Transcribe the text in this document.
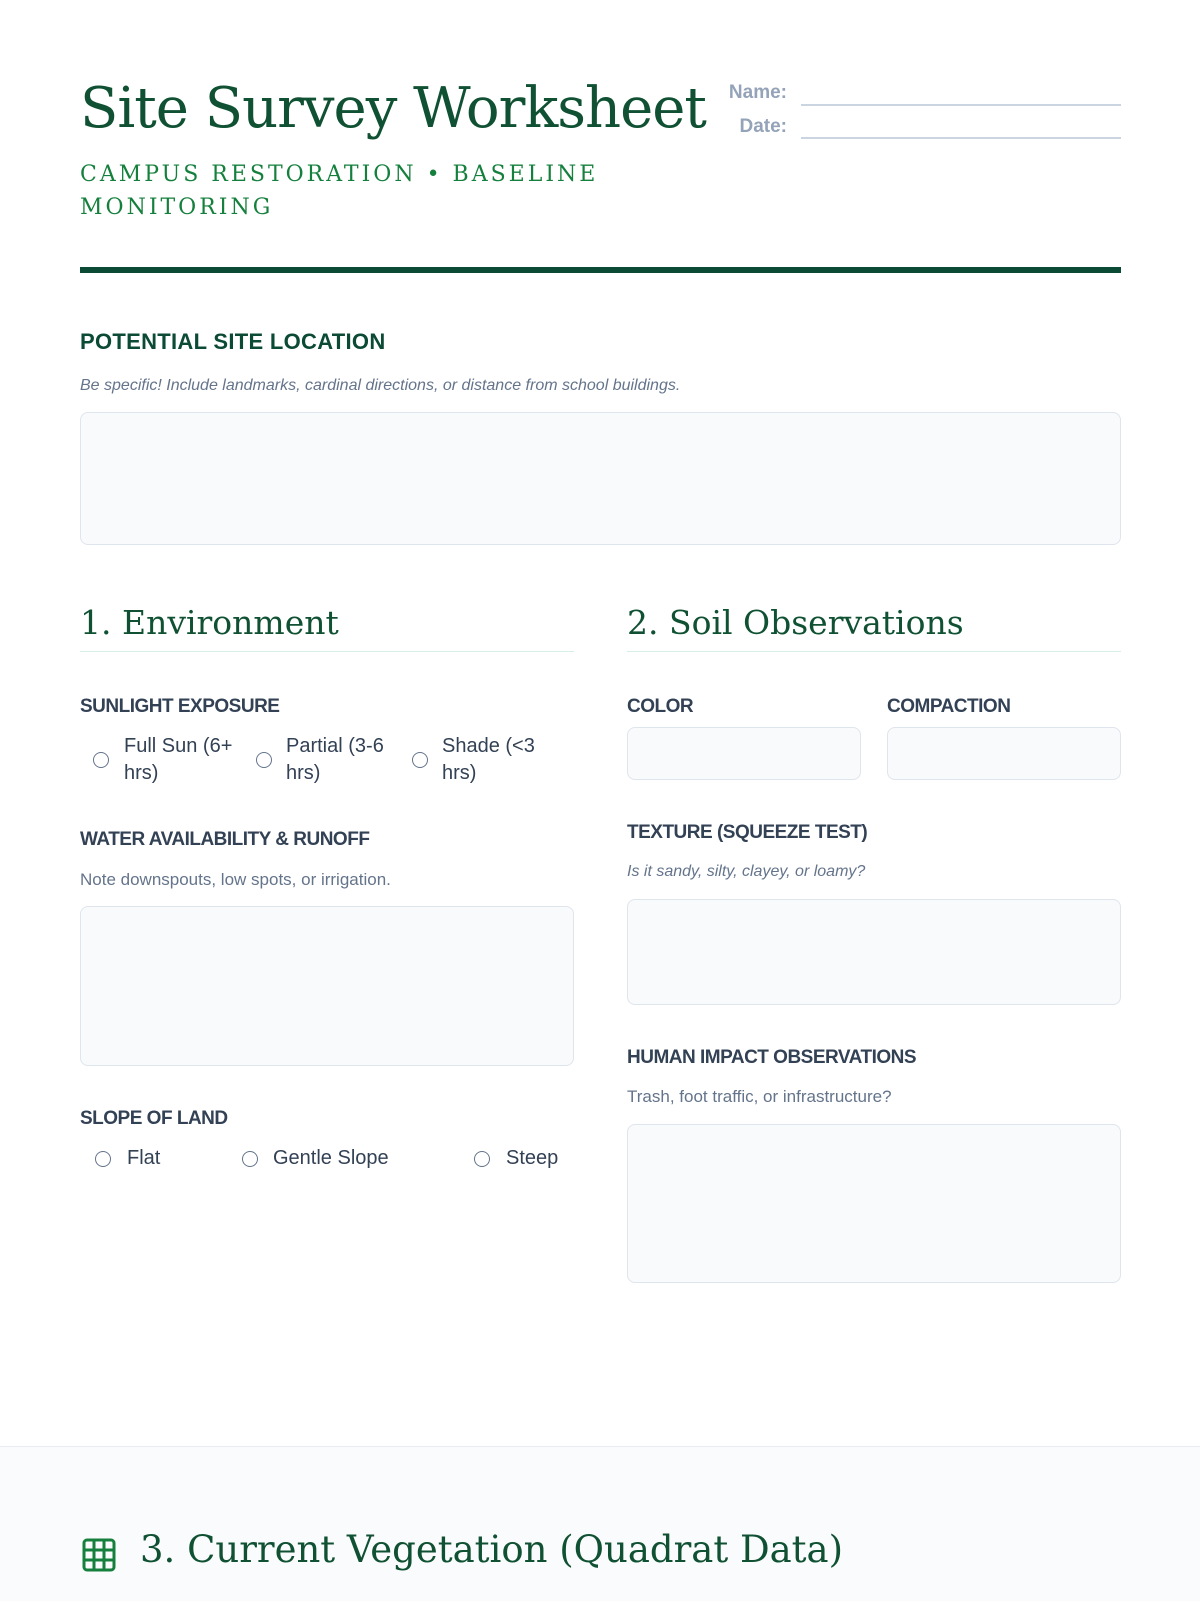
Site Survey Worksheet
CAMPUS RESTORATION • BASELINE MONITORING
Name:
Date:
POTENTIAL SITE LOCATION
Be specific! Include landmarks, cardinal directions, or distance from school buildings.
1. Environment
SUNLIGHT EXPOSURE
Full Sun (6+ hrs)
Partial (3-6 hrs)
Shade (<3 hrs)
WATER AVAILABILITY & RUNOFF
Note downspouts, low spots, or irrigation.
SLOPE OF LAND
Flat	Gentle Slope	Steep
2. Soil Observations
COLOR	COMPACTION
TEXTURE (SQUEEZE TEST)
Is it sandy, silty, clayey, or loamy?
HUMAN IMPACT OBSERVATIONS
Trash, foot traffic, or infrastructure?
3. Current Vegetation (Quadrat Data)
